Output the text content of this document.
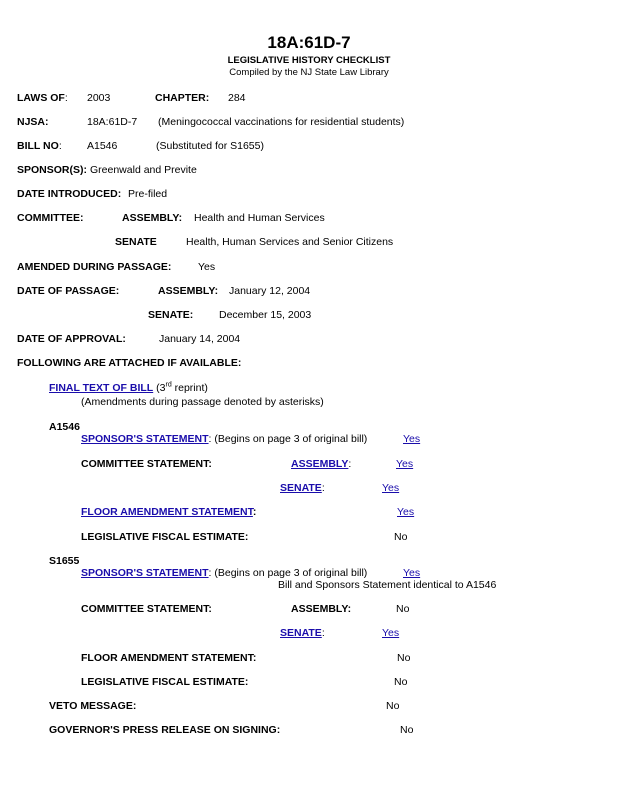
18A:61D-7
LEGISLATIVE HISTORY CHECKLIST
Compiled by the NJ State Law Library
LAWS OF: 2003	CHAPTER: 284
NJSA:	18A:61D-7 (Meningococcal vaccinations for residential students)
BILL NO: A1546	(Substituted for S1655)
SPONSOR(S): Greenwald and Previte
DATE INTRODUCED: Pre-filed
COMMITTEE:	ASSEMBLY: Health and Human Services
SENATE	Health, Human Services and Senior Citizens
AMENDED DURING PASSAGE:	Yes
DATE OF PASSAGE:	ASSEMBLY: January 12, 2004
SENATE: December 15, 2003
DATE OF APPROVAL:	January 14, 2004
FOLLOWING ARE ATTACHED IF AVAILABLE:
FINAL TEXT OF BILL (3rd reprint)
(Amendments during passage denoted by asterisks)
A1546
SPONSOR'S STATEMENT: (Begins on page 3 of original bill)	Yes
COMMITTEE STATEMENT:	ASSEMBLY:	Yes
SENATE:	Yes
FLOOR AMENDMENT STATEMENT:	Yes
LEGISLATIVE FISCAL ESTIMATE:	No
S1655
SPONSOR'S STATEMENT: (Begins on page 3 of original bill)	Yes
Bill and Sponsors Statement identical to A1546
COMMITTEE STATEMENT:	ASSEMBLY:	No
SENATE:	Yes
FLOOR AMENDMENT STATEMENT:	No
LEGISLATIVE FISCAL ESTIMATE:	No
VETO MESSAGE:	No
GOVERNOR'S PRESS RELEASE ON SIGNING:	No
